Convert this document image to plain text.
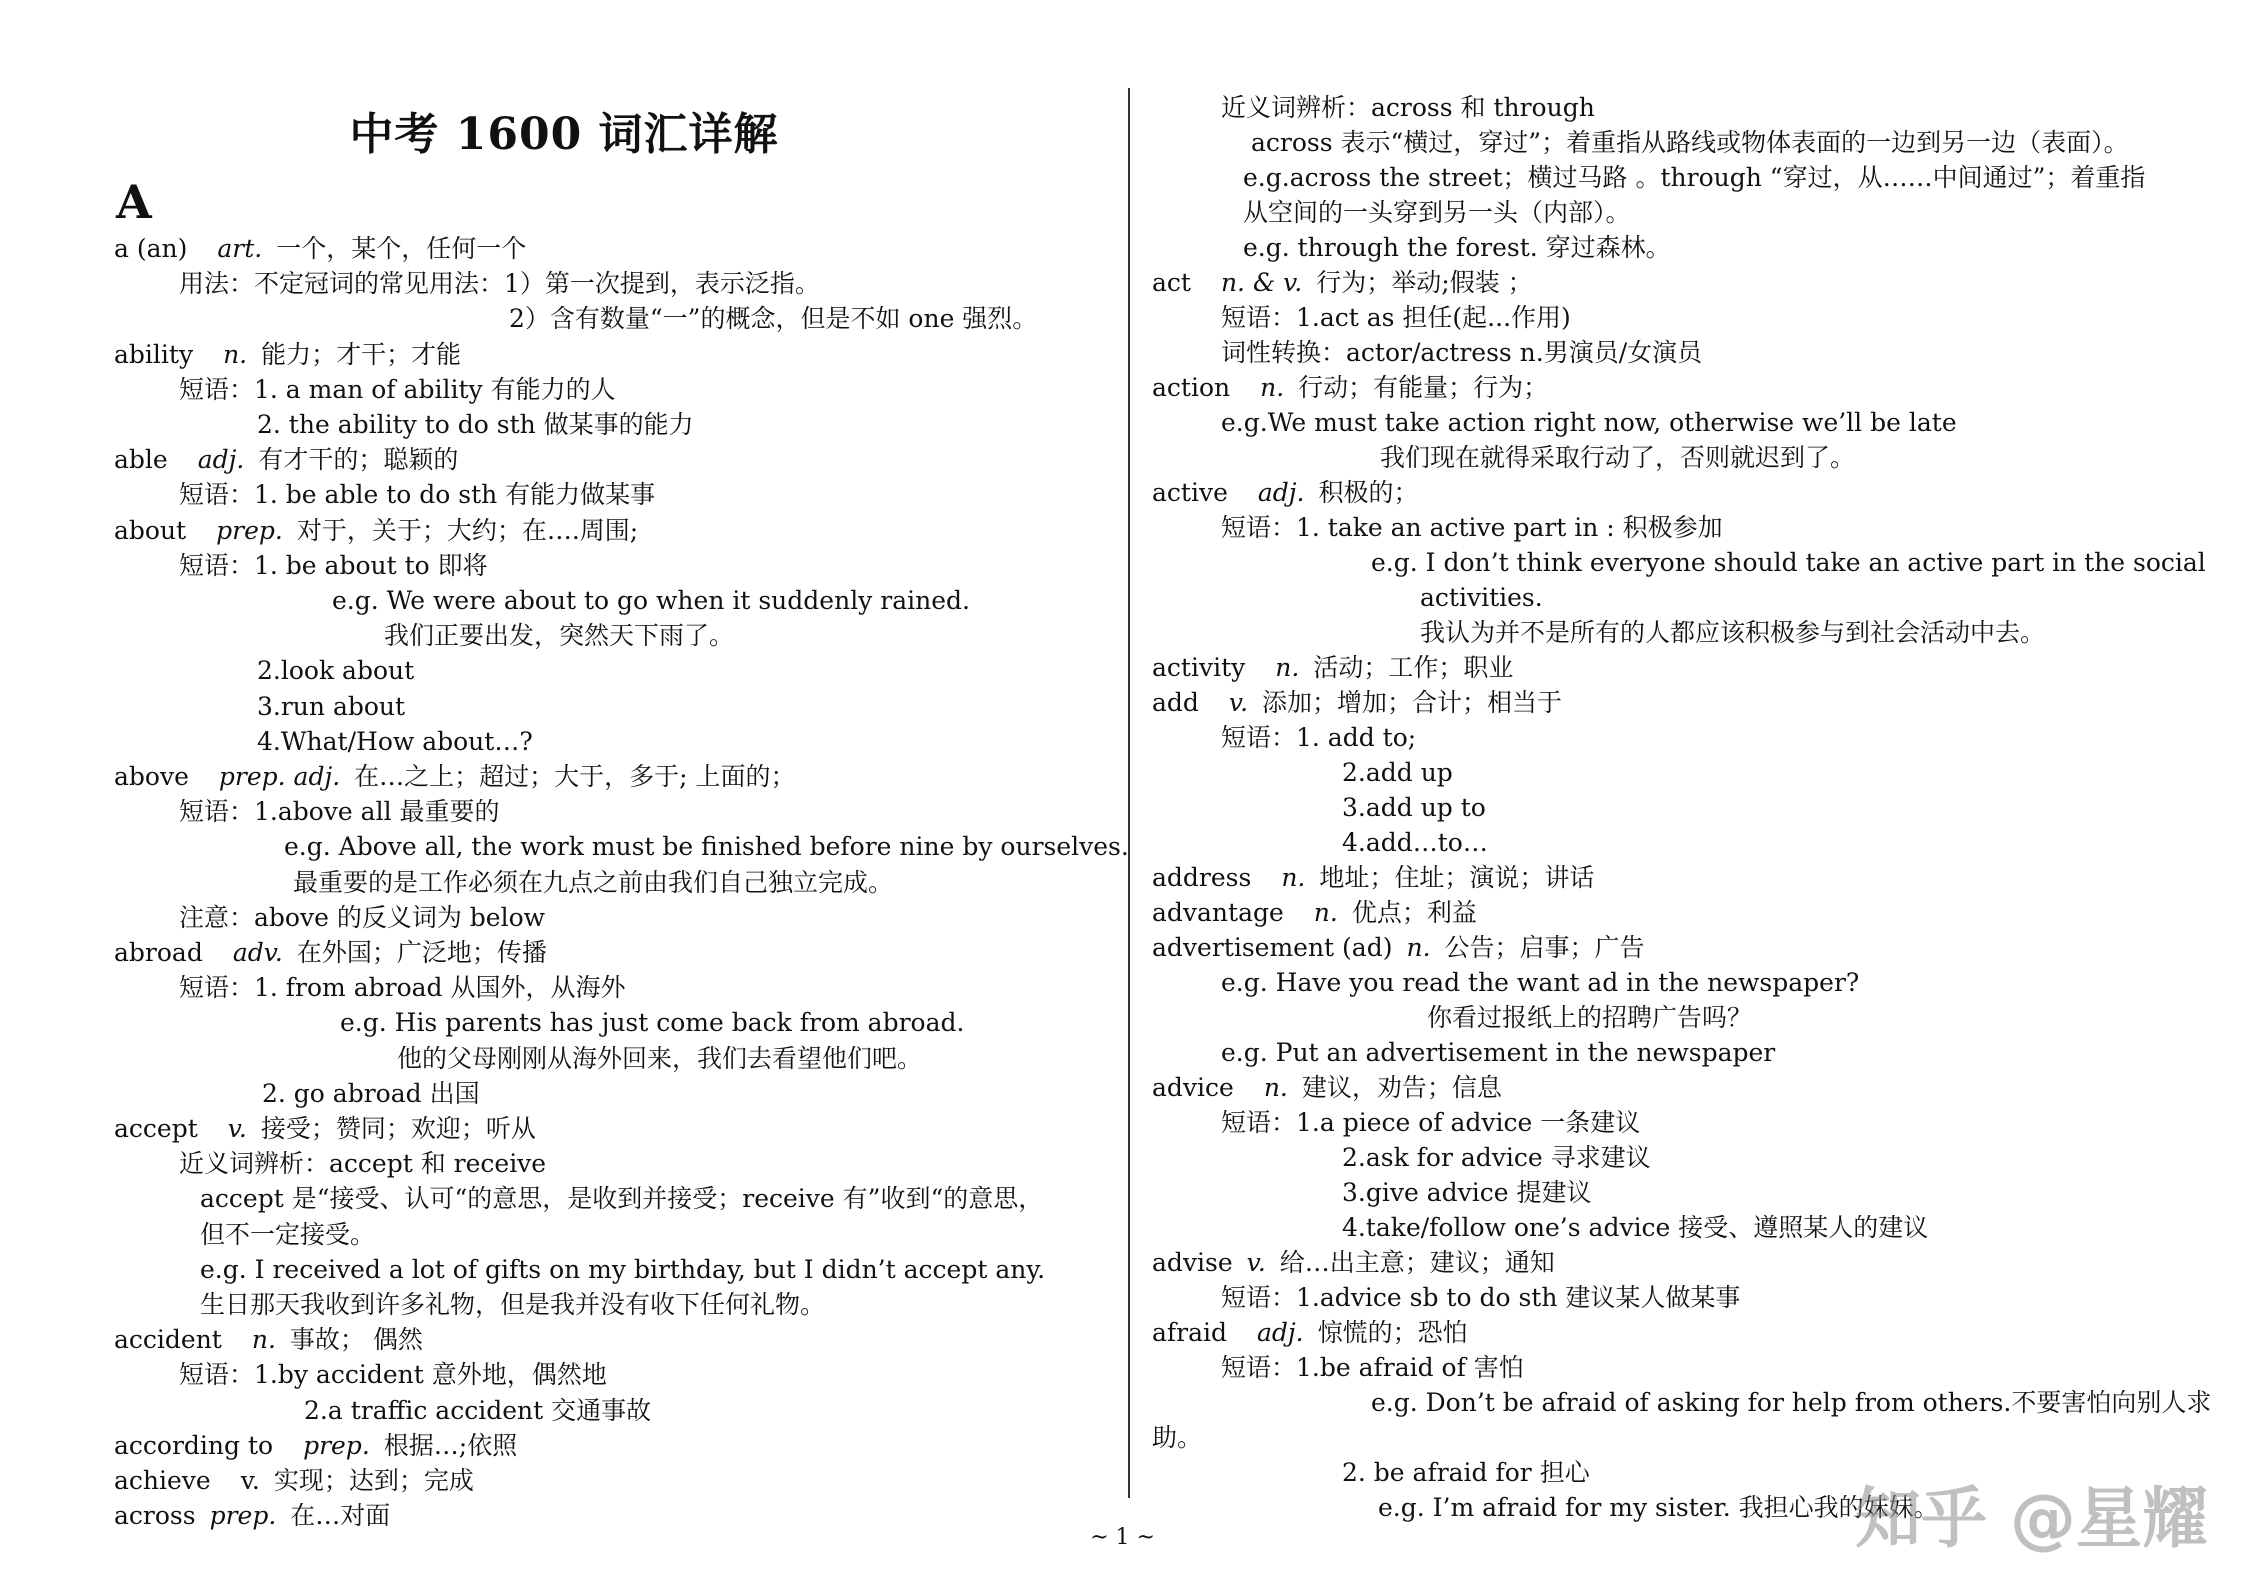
中考 1600 词汇详解
A
a (an) art. 一个，某个，任何一个
用法：不定冠词的常见用法：1）第一次提到，表示泛指。
2）含有数量“一”的概念，但是不如 one 强烈。
ability n. 能力；才干；才能
短语：1. a man of ability 有能力的人
2. the ability to do sth 做某事的能力
able adj. 有才干的；聪颖的
短语：1. be able to do sth 有能力做某事
about prep. 对于，关于；大约；在….周围;
短语：1. be about to 即将
e.g. We were about to go when it suddenly rained.
我们正要出发，突然天下雨了。
2.look about
3.run about
4.What/How about…?
above prep. adj. 在…之上；超过；大于，多于; 上面的；
短语：1.above all 最重要的
e.g. Above all, the work must be finished before nine by ourselves.
最重要的是工作必须在九点之前由我们自己独立完成。
注意：above 的反义词为 below
abroad adv. 在外国；广泛地；传播
短语：1. from abroad 从国外，从海外
e.g. His parents has just come back from abroad.
他的父母刚刚从海外回来，我们去看望他们吧。
2. go abroad 出国
accept v. 接受；赞同；欢迎；听从
近义词辨析：accept 和 receive
accept 是“接受、认可“的意思，是收到并接受；receive 有”收到“的意思，
但不一定接受。
e.g. I received a lot of gifts on my birthday, but I didn’t accept any.
生日那天我收到许多礼物，但是我并没有收下任何礼物。
accident n. 事故； 偶然
短语：1.by accident 意外地，偶然地
2.a traffic accident 交通事故
according to prep. 根据…;依照
achieve v. 实现；达到；完成
across prep. 在…对面
近义词辨析：across 和 through
across 表示“横过，穿过”；着重指从路线或物体表面的一边到另一边（表面）。
e.g.across the street；横过马路 。through “穿过，从……中间通过”；着重指
从空间的一头穿到另一头（内部）。
e.g. through the forest. 穿过森林。
act n. & v. 行为；举动;假装 ；
短语：1.act as 担任(起...作用)
词性转换：actor/actress n.男演员/女演员
action n. 行动；有能量；行为；
e.g.We must take action right now, otherwise we’ll be late
我们现在就得采取行动了，否则就迟到了。
active adj. 积极的；
短语：1. take an active part in : 积极参加
e.g. I don’t think everyone should take an active part in the social
activities.
我认为并不是所有的人都应该积极参与到社会活动中去。
activity n. 活动；工作；职业
add v. 添加；增加；合计；相当于
短语：1. add to;
2.add up
3.add up to
4.add…to…
address n. 地址；住址；演说；讲话
advantage n. 优点；利益
advertisement (ad) n. 公告；启事；广告
e.g. Have you read the want ad in the newspaper?
你看过报纸上的招聘广告吗？
e.g. Put an advertisement in the newspaper
advice n. 建议，劝告；信息
短语：1.a piece of advice 一条建议
2.ask for advice 寻求建议
3.give advice 提建议
4.take/follow one’s advice 接受、遵照某人的建议
advise v. 给…出主意；建议；通知
短语：1.advice sb to do sth 建议某人做某事
afraid adj. 惊慌的；恐怕
短语：1.be afraid of 害怕
e.g. Don’t be afraid of asking for help from others.不要害怕向别人求
助。
2. be afraid for 担心
e.g. I’m afraid for my sister. 我担心我的妹妹。
~ 1 ~	知乎 @星耀
